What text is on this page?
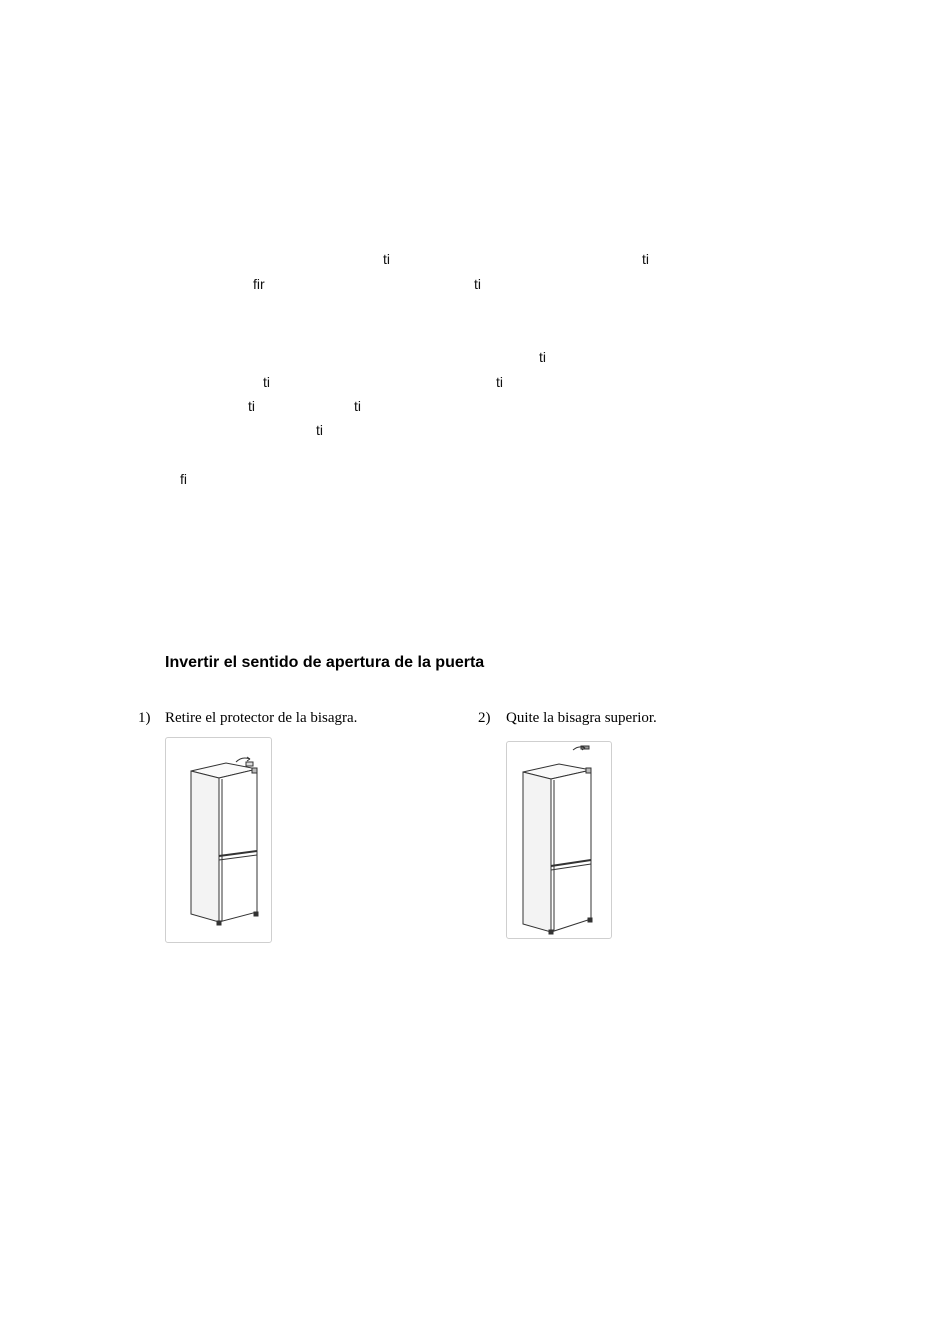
ti	ti
fir	ti
ti
ti	ti
ti	ti
ti
fi
Invertir el sentido de apertura de la puerta
1) Retire el protector de la bisagra.	2) Quite la bisagra superior.
